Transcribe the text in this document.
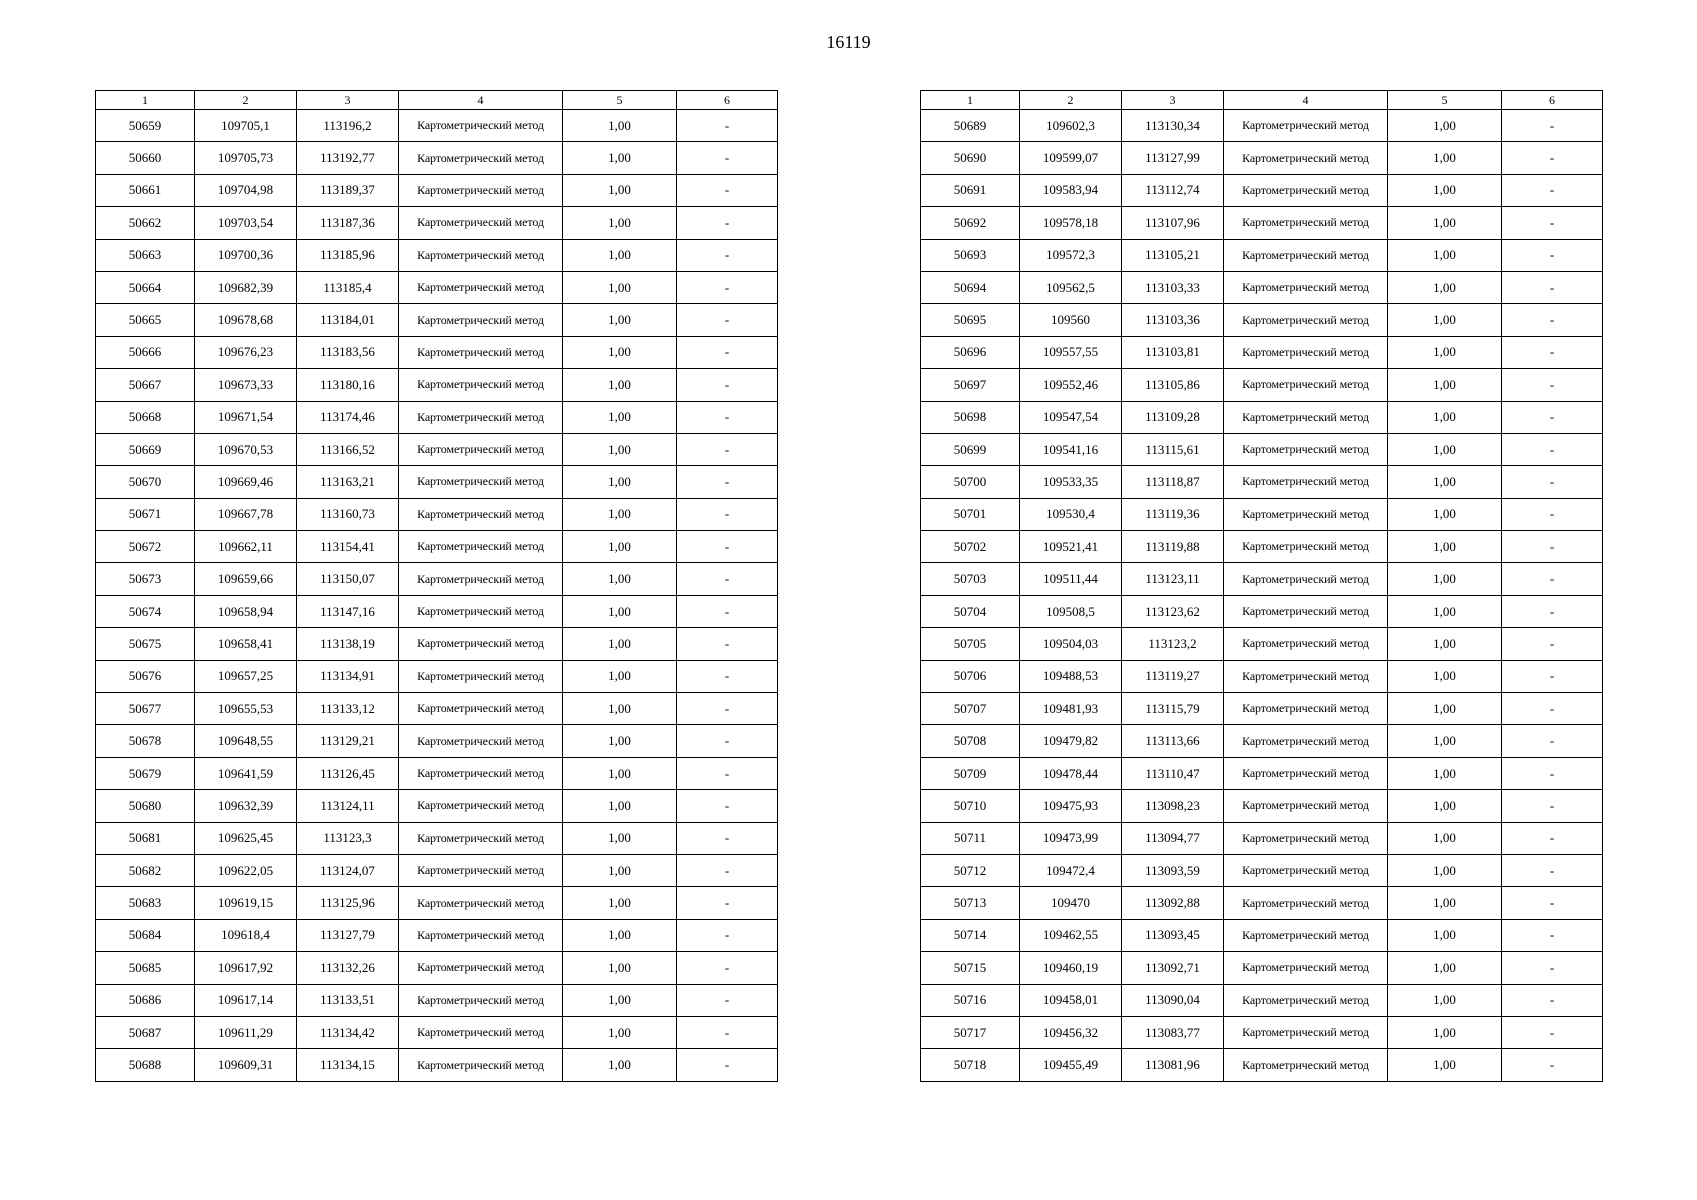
16119
1	2	3	4	5	6
50659	109705,1	113196,2	Картометрический метод	1,00	-
50660	109705,73	113192,77	Картометрический метод	1,00	-
50661	109704,98	113189,37	Картометрический метод	1,00	-
50662	109703,54	113187,36	Картометрический метод	1,00	-
50663	109700,36	113185,96	Картометрический метод	1,00	-
50664	109682,39	113185,4	Картометрический метод	1,00	-
50665	109678,68	113184,01	Картометрический метод	1,00	-
50666	109676,23	113183,56	Картометрический метод	1,00	-
50667	109673,33	113180,16	Картометрический метод	1,00	-
50668	109671,54	113174,46	Картометрический метод	1,00	-
50669	109670,53	113166,52	Картометрический метод	1,00	-
50670	109669,46	113163,21	Картометрический метод	1,00	-
50671	109667,78	113160,73	Картометрический метод	1,00	-
50672	109662,11	113154,41	Картометрический метод	1,00	-
50673	109659,66	113150,07	Картометрический метод	1,00	-
50674	109658,94	113147,16	Картометрический метод	1,00	-
50675	109658,41	113138,19	Картометрический метод	1,00	-
50676	109657,25	113134,91	Картометрический метод	1,00	-
50677	109655,53	113133,12	Картометрический метод	1,00	-
50678	109648,55	113129,21	Картометрический метод	1,00	-
50679	109641,59	113126,45	Картометрический метод	1,00	-
50680	109632,39	113124,11	Картометрический метод	1,00	-
50681	109625,45	113123,3	Картометрический метод	1,00	-
50682	109622,05	113124,07	Картометрический метод	1,00	-
50683	109619,15	113125,96	Картометрический метод	1,00	-
50684	109618,4	113127,79	Картометрический метод	1,00	-
50685	109617,92	113132,26	Картометрический метод	1,00	-
50686	109617,14	113133,51	Картометрический метод	1,00	-
50687	109611,29	113134,42	Картометрический метод	1,00	-
50688	109609,31	113134,15	Картометрический метод	1,00	-
1	2	3	4	5	6
50689	109602,3	113130,34	Картометрический метод	1,00	-
50690	109599,07	113127,99	Картометрический метод	1,00	-
50691	109583,94	113112,74	Картометрический метод	1,00	-
50692	109578,18	113107,96	Картометрический метод	1,00	-
50693	109572,3	113105,21	Картометрический метод	1,00	-
50694	109562,5	113103,33	Картометрический метод	1,00	-
50695	109560	113103,36	Картометрический метод	1,00	-
50696	109557,55	113103,81	Картометрический метод	1,00	-
50697	109552,46	113105,86	Картометрический метод	1,00	-
50698	109547,54	113109,28	Картометрический метод	1,00	-
50699	109541,16	113115,61	Картометрический метод	1,00	-
50700	109533,35	113118,87	Картометрический метод	1,00	-
50701	109530,4	113119,36	Картометрический метод	1,00	-
50702	109521,41	113119,88	Картометрический метод	1,00	-
50703	109511,44	113123,11	Картометрический метод	1,00	-
50704	109508,5	113123,62	Картометрический метод	1,00	-
50705	109504,03	113123,2	Картометрический метод	1,00	-
50706	109488,53	113119,27	Картометрический метод	1,00	-
50707	109481,93	113115,79	Картометрический метод	1,00	-
50708	109479,82	113113,66	Картометрический метод	1,00	-
50709	109478,44	113110,47	Картометрический метод	1,00	-
50710	109475,93	113098,23	Картометрический метод	1,00	-
50711	109473,99	113094,77	Картометрический метод	1,00	-
50712	109472,4	113093,59	Картометрический метод	1,00	-
50713	109470	113092,88	Картометрический метод	1,00	-
50714	109462,55	113093,45	Картометрический метод	1,00	-
50715	109460,19	113092,71	Картометрический метод	1,00	-
50716	109458,01	113090,04	Картометрический метод	1,00	-
50717	109456,32	113083,77	Картометрический метод	1,00	-
50718	109455,49	113081,96	Картометрический метод	1,00	-
